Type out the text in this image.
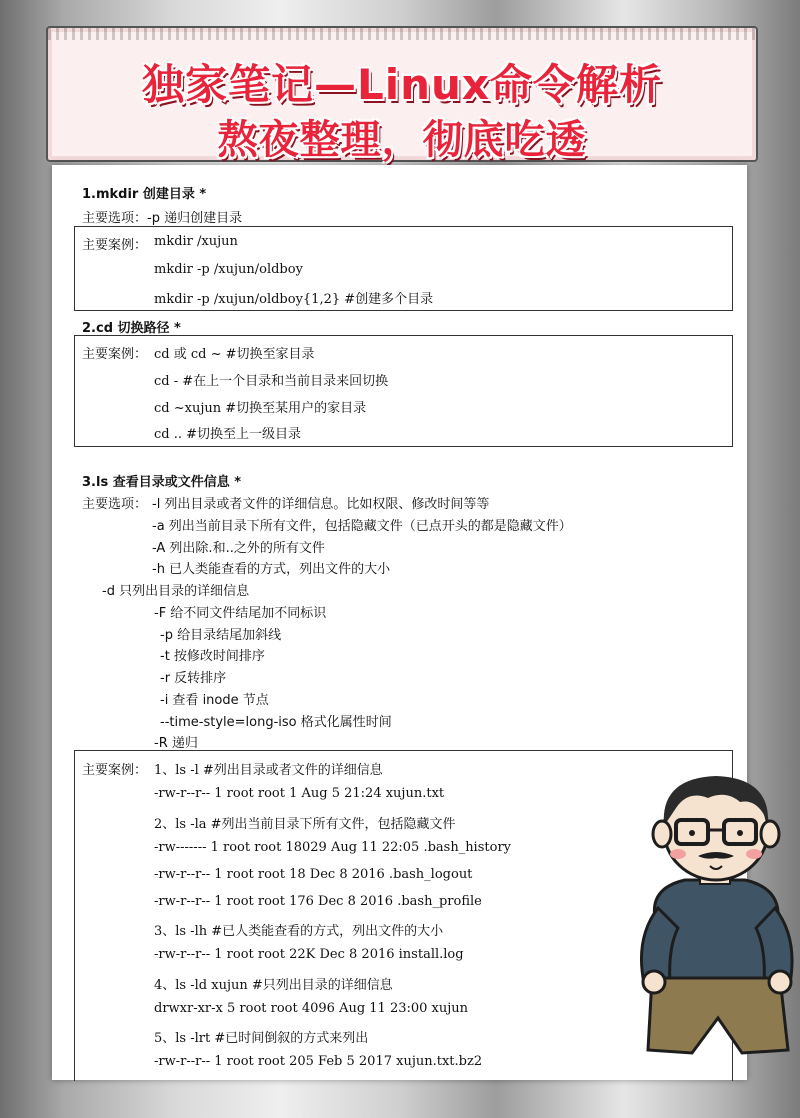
独家笔记—Linux命令解析
熬夜整理，彻底吃透
1.mkdir 创建目录 *
主要选项：-p 递归创建目录
主要案例： mkdir /xujun
mkdir -p /xujun/oldboy
mkdir -p /xujun/oldboy{1,2} #创建多个目录
2.cd 切换路径 *
主要案例： cd 或 cd ~ #切换至家目录
cd - #在上一个目录和当前目录来回切换
cd ~xujun #切换至某用户的家目录
cd .. #切换至上一级目录
3.ls 查看目录或文件信息 *
主要选项： -l 列出目录或者文件的详细信息。比如权限、修改时间等等
-a 列出当前目录下所有文件，包括隐藏文件（已点开头的都是隐藏文件）
-A 列出除.和..之外的所有文件
-h 已人类能查看的方式，列出文件的大小
-d 只列出目录的详细信息
-F 给不同文件结尾加不同标识
-p 给目录结尾加斜线
-t 按修改时间排序
-r 反转排序
-i 查看 inode 节点
--time-style=long-iso 格式化属性时间
-R 递归
主要案例： 1、ls -l #列出目录或者文件的详细信息
-rw-r--r-- 1 root root 1 Aug 5 21:24 xujun.txt
2、ls -la #列出当前目录下所有文件，包括隐藏文件
-rw------- 1 root root 18029 Aug 11 22:05 .bash_history
-rw-r--r-- 1 root root 18 Dec 8 2016 .bash_logout
-rw-r--r-- 1 root root 176 Dec 8 2016 .bash_profile
3、ls -lh #已人类能查看的方式，列出文件的大小
-rw-r--r-- 1 root root 22K Dec 8 2016 install.log
4、ls -ld xujun #只列出目录的详细信息
drwxr-xr-x 5 root root 4096 Aug 11 23:00 xujun
5、ls -lrt #已时间倒叙的方式来列出
-rw-r--r-- 1 root root 205 Feb 5 2017 xujun.txt.bz2
